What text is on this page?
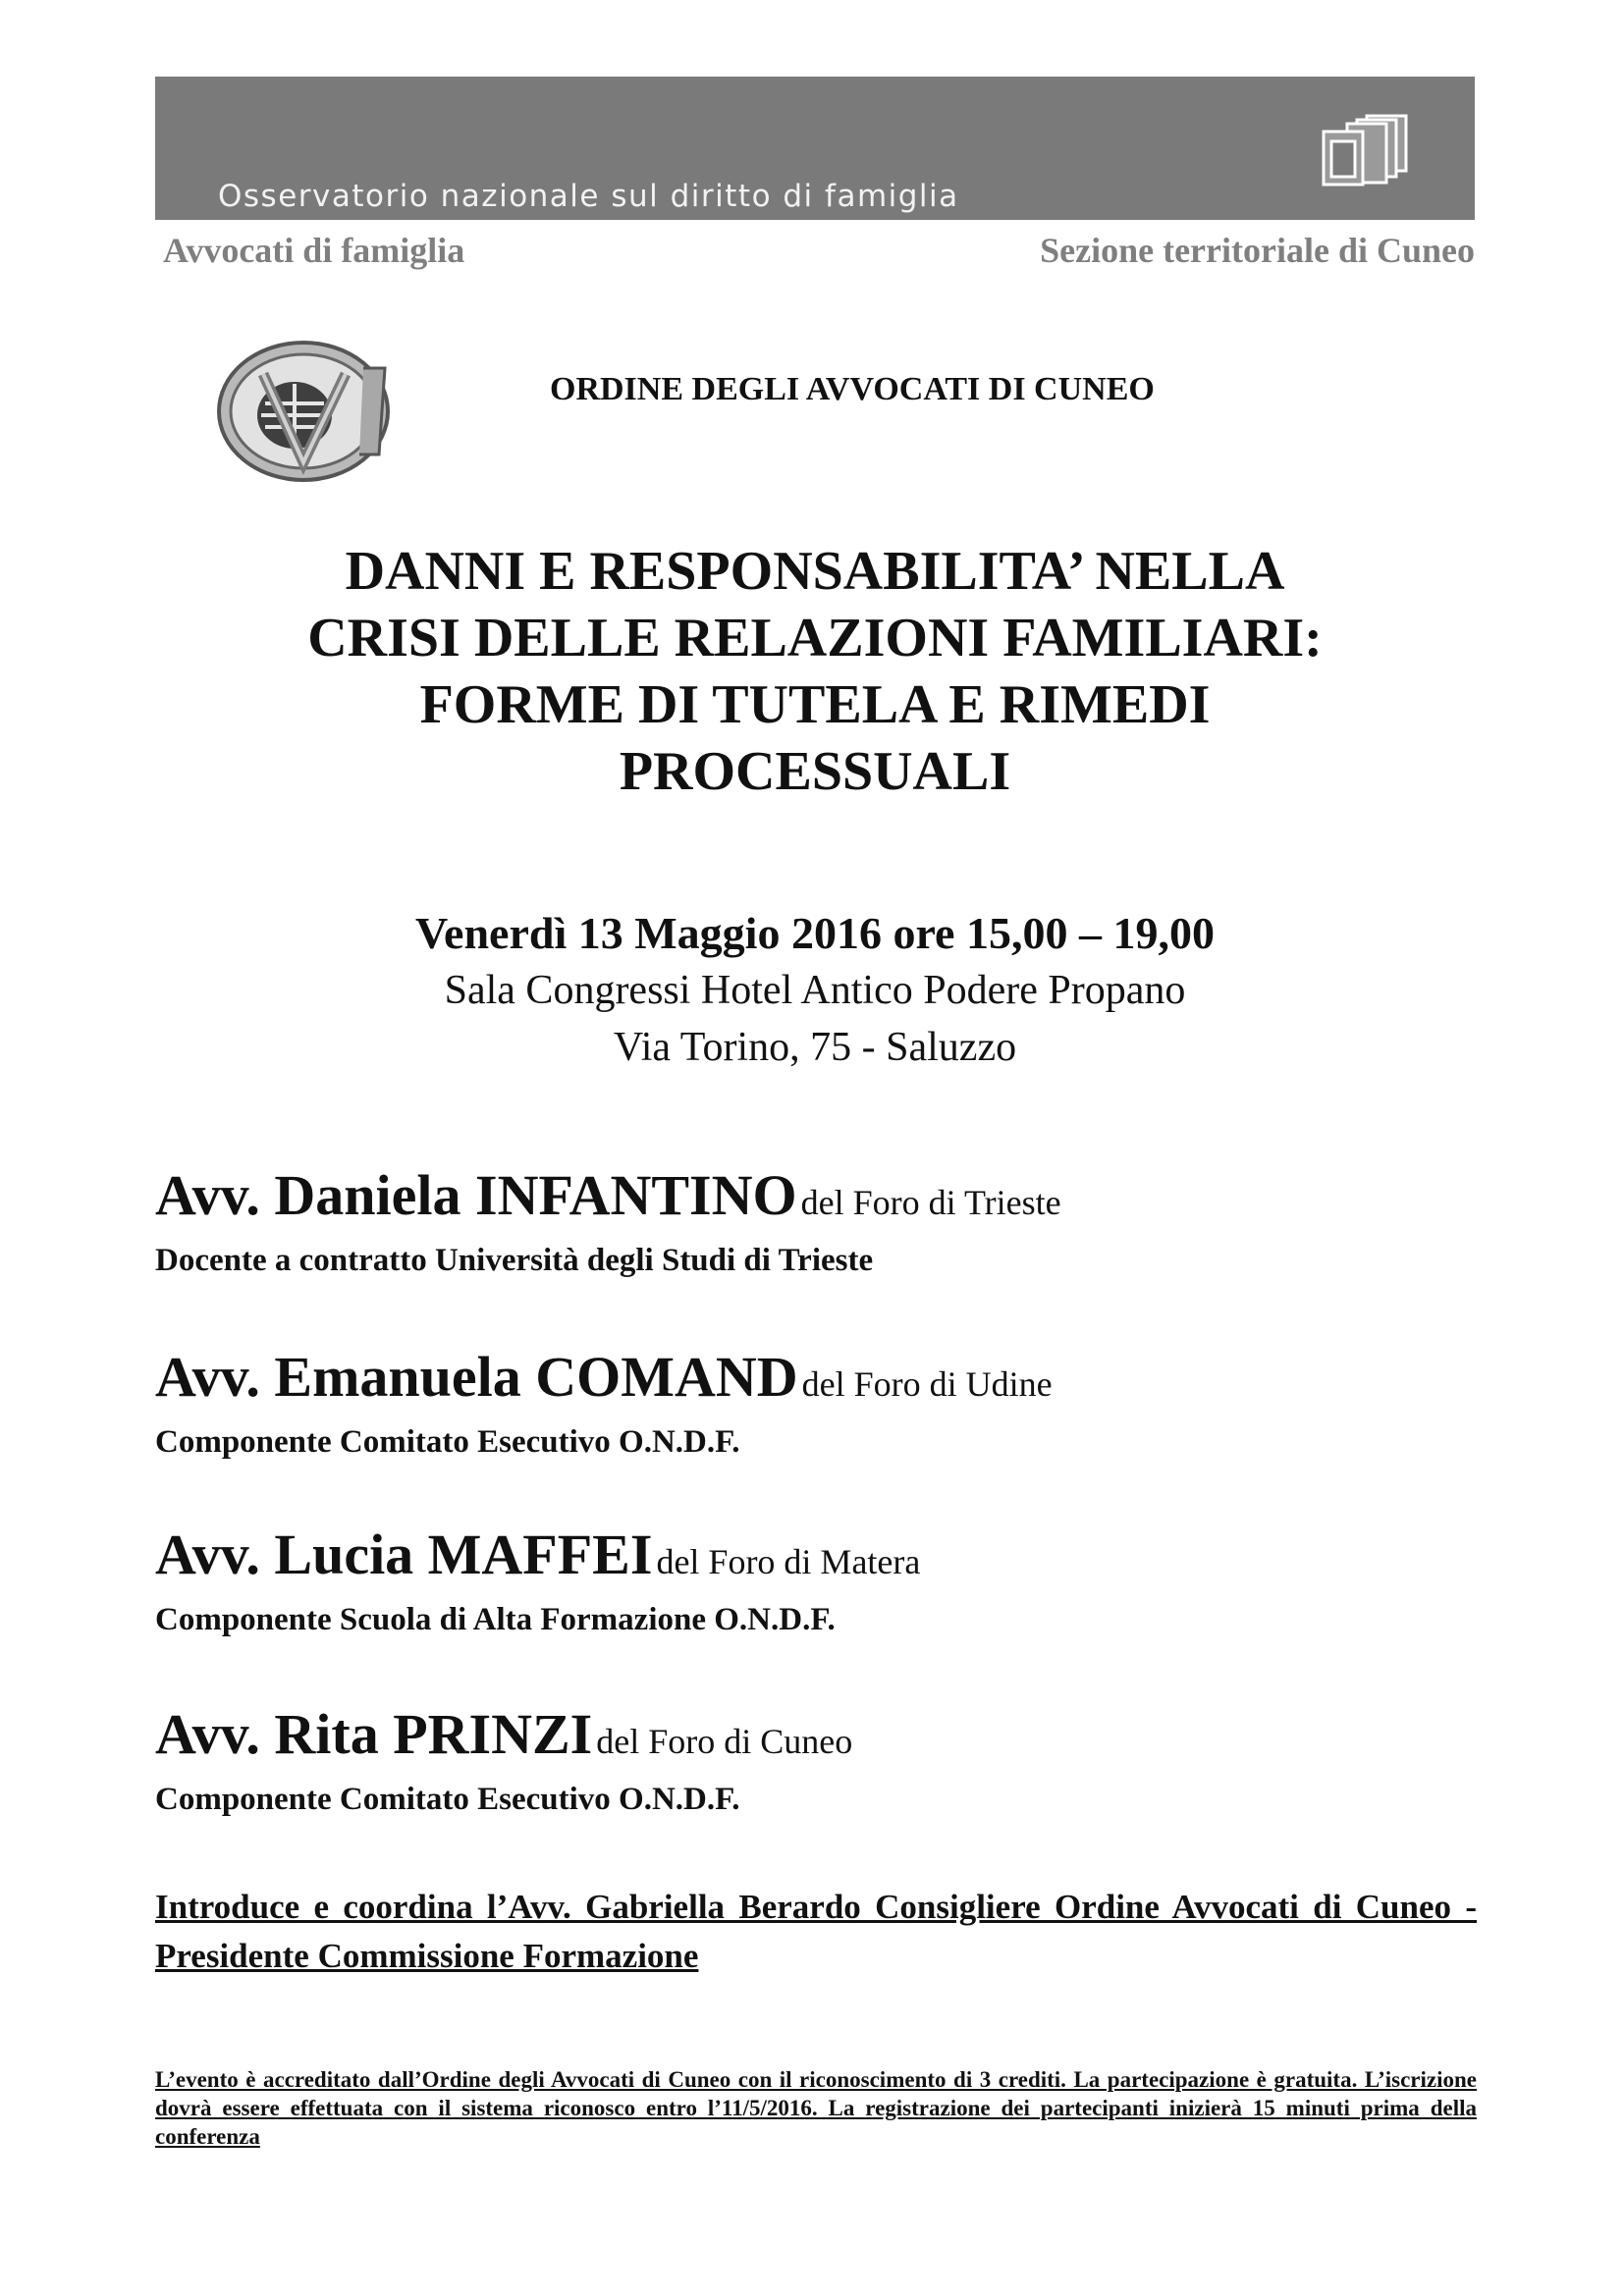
Osservatorio nazionale sul diritto di famiglia
Avvocati di famiglia	Sezione territoriale di Cuneo
ORDINE DEGLI AVVOCATI DI CUNEO
DANNI E RESPONSABILITA’ NELLA
CRISI DELLE RELAZIONI FAMILIARI:
FORME DI TUTELA E RIMEDI
PROCESSUALI
Venerdì 13 Maggio 2016 ore 15,00 – 19,00
Sala Congressi Hotel Antico Podere Propano
Via Torino, 75 - Saluzzo
Avv. Daniela INFANTINO del Foro di Trieste
Docente a contratto Università degli Studi di Trieste
Avv. Emanuela COMAND del Foro di Udine
Componente Comitato Esecutivo O.N.D.F.
Avv. Lucia MAFFEI del Foro di Matera
Componente Scuola di Alta Formazione O.N.D.F.
Avv. Rita PRINZI del Foro di Cuneo
Componente Comitato Esecutivo O.N.D.F.
Introduce e coordina l’Avv. Gabriella Berardo Consigliere Ordine Avvocati di Cuneo - Presidente Commissione Formazione
L’evento è accreditato dall’Ordine degli Avvocati di Cuneo con il riconoscimento di 3 crediti. La partecipazione è gratuita. L’iscrizione dovrà essere effettuata con il sistema riconosco entro l’11/5/2016. La registrazione dei partecipanti inizierà 15 minuti prima della conferenza
